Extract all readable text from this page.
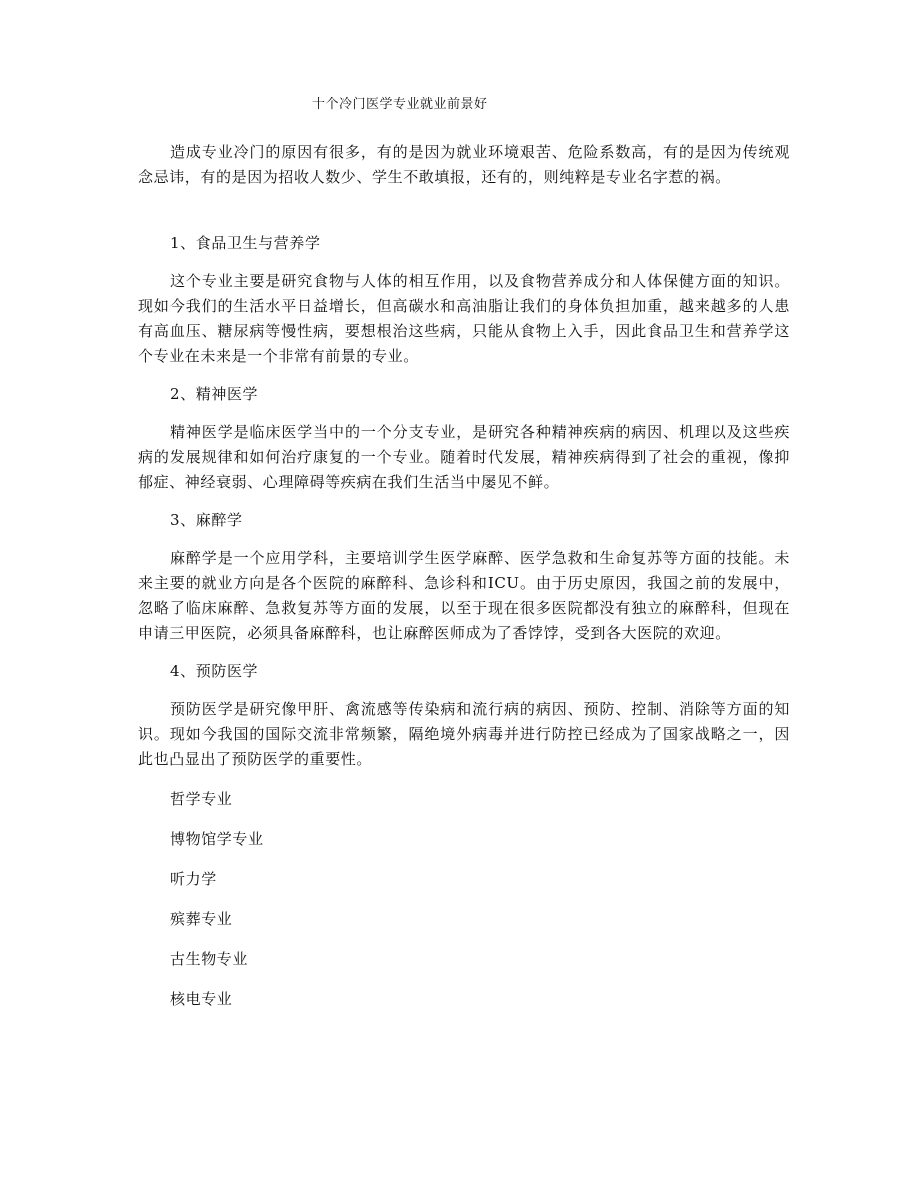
十个冷门医学专业就业前景好

造成专业冷门的原因有很多，有的是因为就业环境艰苦、危险系数高，有的是因为传统观念忌讳，有的是因为招收人数少、学生不敢填报，还有的，则纯粹是专业名字惹的祸。

1、食品卫生与营养学

这个专业主要是研究食物与人体的相互作用，以及食物营养成分和人体保健方面的知识。现如今我们的生活水平日益增长，但高碳水和高油脂让我们的身体负担加重，越来越多的人患有高血压、糖尿病等慢性病，要想根治这些病，只能从食物上入手，因此食品卫生和营养学这个专业在未来是一个非常有前景的专业。

2、精神医学

精神医学是临床医学当中的一个分支专业，是研究各种精神疾病的病因、机理以及这些疾病的发展规律和如何治疗康复的一个专业。随着时代发展，精神疾病得到了社会的重视，像抑郁症、神经衰弱、心理障碍等疾病在我们生活当中屡见不鲜。

3、麻醉学

麻醉学是一个应用学科，主要培训学生医学麻醉、医学急救和生命复苏等方面的技能。未来主要的就业方向是各个医院的麻醉科、急诊科和ICU。由于历史原因，我国之前的发展中，忽略了临床麻醉、急救复苏等方面的发展，以至于现在很多医院都没有独立的麻醉科，但现在申请三甲医院，必须具备麻醉科，也让麻醉医师成为了香饽饽，受到各大医院的欢迎。

4、预防医学

预防医学是研究像甲肝、禽流感等传染病和流行病的病因、预防、控制、消除等方面的知识。现如今我国的国际交流非常频繁，隔绝境外病毒并进行防控已经成为了国家战略之一，因此也凸显出了预防医学的重要性。

哲学专业

博物馆学专业

听力学

殡葬专业

古生物专业

核电专业
